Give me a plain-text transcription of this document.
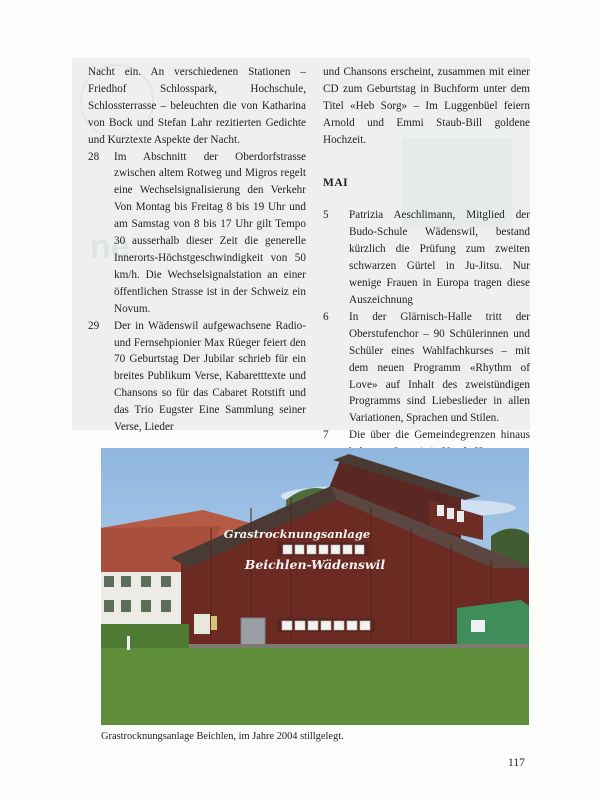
ne

Nacht ein. An verschiedenen Stationen – Friedhof Schlosspark, Hochschule, Schlossterrasse – beleuchten die von Katharina von Bock und Stefan Lahr rezitierten Gedichte und Kurztexte Aspekte der Nacht.

28 Im Abschnitt der Oberdorfstrasse zwischen altem Rotweg und Migros regelt eine Wechselsignalisierung den Verkehr Von Montag bis Freitag 8 bis 19 Uhr und am Samstag von 8 bis 17 Uhr gilt Tempo 30 ausserhalb dieser Zeit die generelle Innerorts-Höchstgeschwindigkeit von 50 km/h. Die Wechselsignalstation an einer öffentlichen Strasse ist in der Schweiz ein Novum.

29 Der in Wädenswil aufgewachsene Radio- und Fernsehpionier Max Rüeger feiert den 70 Geburtstag Der Jubilar schrieb für ein breites Publikum Verse, Kabaretttexte und Chansons so für das Cabaret Rotstift und das Trio Eugster Eine Sammlung seiner Verse, Lieder

und Chansons erscheint, zusammen mit einer CD zum Geburtstag in Buchform unter dem Titel «Heb Sorg» – Im Luggenbüel feiern Arnold und Emmi Staub-Bill goldene Hochzeit.

MAI

5 Patrizia Aeschlimann, Mitglied der Budo-Schule Wädenswil, bestand kürzlich die Prüfung zum zweiten schwarzen Gürtel in Ju-Jitsu. Nur wenige Frauen in Europa tragen diese Auszeichnung

6 In der Glärnisch-Halle tritt der Oberstufenchor – 90 Schülerinnen und Schüler eines Wahlfachkurses – mit dem neuen Programm «Rhythm of Love» auf Inhalt des zweistündigen Programms sind Liebeslieder in allen Variationen, Sprachen und Stilen.

7 Die über die Gemeindegrenzen hinaus

Grastrocknungsanlage
Beichlen-Wädenswil
Grastrocknungsanlage Beichlen, im Jahre 2004 stillgelegt.
117
